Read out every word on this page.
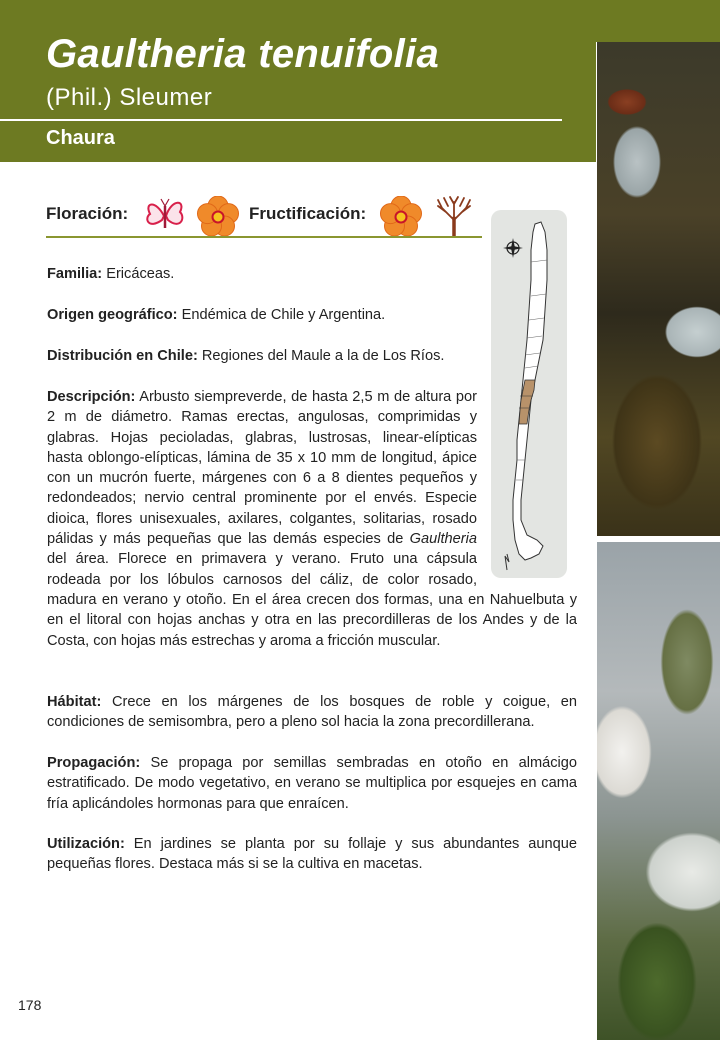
Gaultheria tenuifolia
(Phil.) Sleumer
Chaura
Floración:	Fructificación:
Familia: Ericáceas.
Origen geográfico: Endémica de Chile y Argentina.
Distribución en Chile: Regiones del Maule a la de Los Ríos.
Descripción: Arbusto siempreverde, de hasta 2,5 m de altura por 2 m de diámetro. Ramas erectas, angulosas, comprimidas y glabras. Hojas pecioladas, glabras, lustrosas, linear-elípticas hasta oblongo-elípticas, lámina de 35 x 10 mm de longitud, ápice con un mucrón fuerte, márgenes con 6 a 8 dientes pequeños y redondeados; nervio central prominente por el envés. Especie dioica, flores unisexuales, axilares, colgantes, solitarias, rosado pálidas y más pequeñas que las demás especies de Gaultheria del área. Florece en primavera y verano. Fruto una cápsula rodeada por los lóbulos carnosos del cáliz, de color rosado, madura en verano y otoño. En el área crecen dos formas, una en Nahuelbuta y en el litoral con hojas anchas y otra en las precordilleras de los Andes y de la Costa, con hojas más estrechas y aroma a fricción muscular.
Hábitat: Crece en los márgenes de los bosques de roble y coigue, en condiciones de semisombra, pero a pleno sol hacia la zona precordillerana.
Propagación: Se propaga por semillas sembradas en otoño en almácigo estratificado. De modo vegetativo, en verano se multiplica por esquejes en cama fría aplicándoles hormonas para que enraícen.
Utilización: En jardines se planta por su follaje y sus abundantes aunque pequeñas flores. Destaca más si se la cultiva en macetas.
178
